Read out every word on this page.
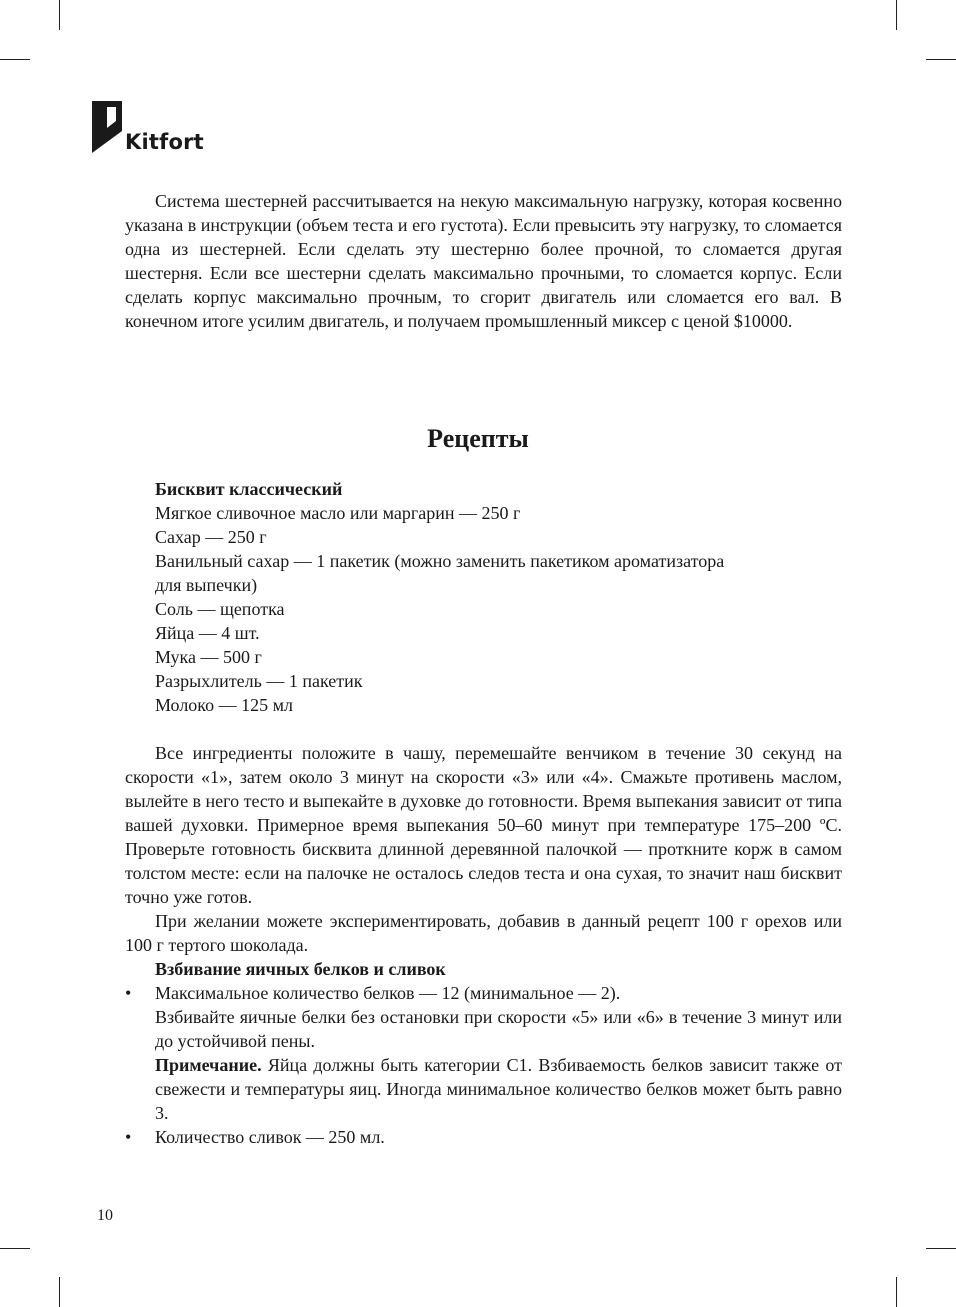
Kitfort

Система шестерней рассчитывается на некую максимальную нагрузку, которая косвенно указана в инструкции (объем теста и его густота). Если превысить эту нагрузку, то сломается одна из шестерней. Если сделать эту шестерню более прочной, то сломается другая шестерня. Если все шестерни сделать максимально прочными, то сломается корпус. Если сделать корпус максимально прочным, то сгорит двигатель или сломается его вал. В конечном итоге усилим двигатель, и получаем промышленный миксер с ценой $10000.

Рецепты
Бисквит классический
Мягкое сливочное масло или маргарин — 250 г
Сахар — 250 г
Ванильный сахар — 1 пакетик (можно заменить пакетиком ароматизатора
для выпечки)
Соль — щепотка
Яйца — 4 шт.
Мука — 500 г
Разрыхлитель — 1 пакетик
Молоко — 125 мл

Все ингредиенты положите в чашу, перемешайте венчиком в течение 30 секунд на скорости «1», затем около 3 минут на скорости «3» или «4». Смажьте противень маслом, вылейте в него тесто и выпекайте в духовке до готовности. Время выпекания зависит от типа вашей духовки. Примерное время выпекания 50–60 минут при температуре 175–200 ºC. Проверьте готовность бисквита длинной деревянной палочкой — проткните корж в самом толстом месте: если на палочке не осталось следов теста и она сухая, то значит наш бисквит точно уже готов.

При желании можете экспериментировать, добавив в данный рецепт 100 г орехов или 100 г тертого шоколада.

Взбивание яичных белков и сливок

• Максимальное количество белков — 12 (минимальное — 2).
Взбивайте яичные белки без остановки при скорости «5» или «6» в течение 3 минут или до устойчивой пены.
Примечание. Яйца должны быть категории С1. Взбиваемость белков зависит также от свежести и температуры яиц. Иногда минимальное количество белков может быть равно 3.
• Количество сливок — 250 мл.
10
